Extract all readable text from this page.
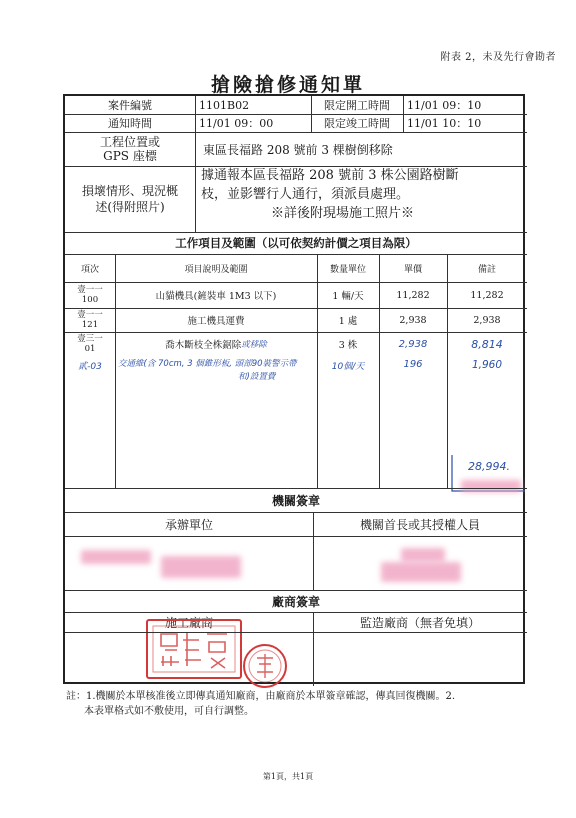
附表 2，未及先行會勘者
搶險搶修通知單
案件編號	1101B02	限定開工時間	11/01 09：10
通知時間	11/01 09：00	限定竣工時間	11/01 10：10
工程位置或
GPS 座標	東區長福路 208 號前 3 棵樹倒移除
損壞情形、現況概
述(得附照片)
據通報本區長福路 208 號前 3 株公園路樹斷
枝，並影響行人通行，須派員處理。
※詳後附現場施工照片※
工作項目及範圍（以可依契約計價之項目為限）
項次	項目說明及範圍	數量單位	單價	備註
壹一一
100	山貓機具(鏟裝車 1M3 以下)	1 輛/天	11,282	11,282
壹一一
121	施工機具運費	1 處	2,938	2,938
壹三一
01	喬木斷枝全株鋸除 或移除	3 株	2,938	8,814
貳-03	交通維(含 70cm, 3 個錐形板, 頭部90裝警示帶
和)設置費
10個/天	196	1,960
28,994.
機關簽章
承辦單位	機關首長或其授權人員
廠商簽章
施工廠商	監造廠商（無者免填）
註：1.機關於本單核准後立即傳真通知廠商，由廠商於本單簽章確認，傳真回復機關。2.
本表單格式如不敷使用，可自行調整。
第1頁，共1頁
